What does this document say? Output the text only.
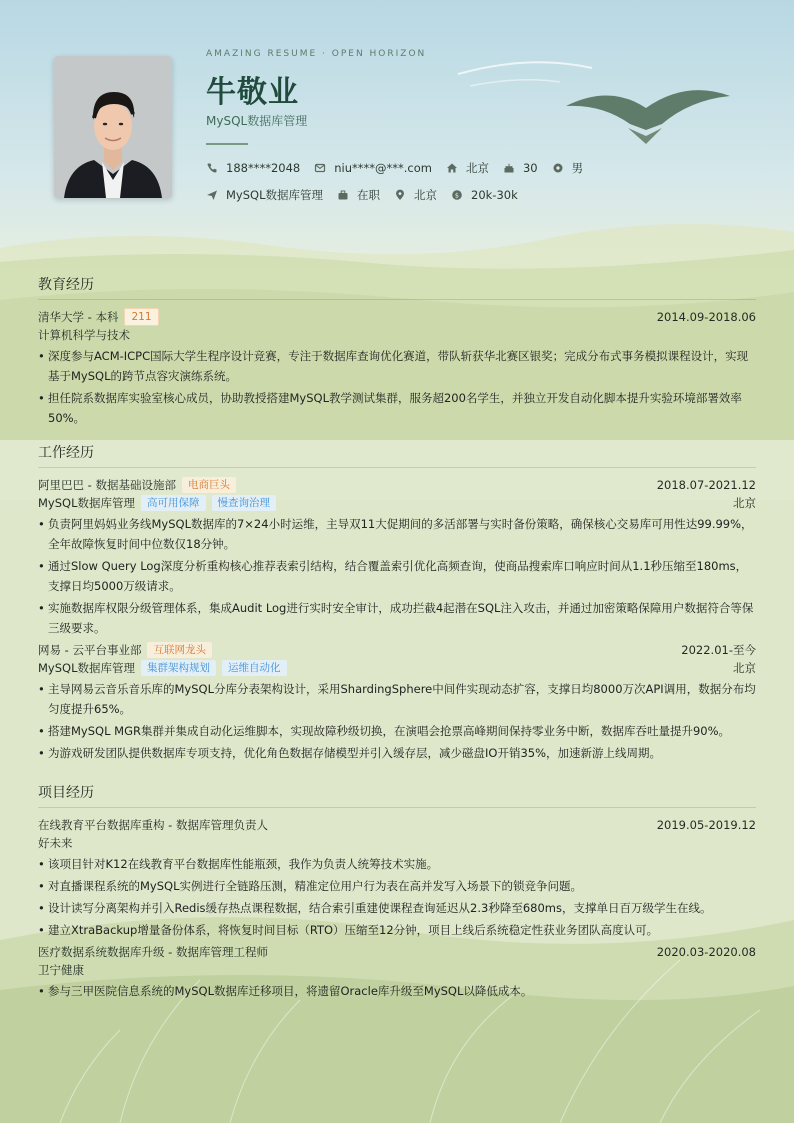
AMAZING RESUME · OPEN HORIZON
牛敬业
MySQL数据库管理
188****2048	niu****@***.com	北京	30	男
MySQL数据库管理	在职	北京	$ 20k-30k
教育经历
清华大学 - 本科	211	2014.09-2018.06
计算机科学与技术
• 深度参与ACM-ICPC国际大学生程序设计竞赛，专注于数据库查询优化赛道，带队斩获华北赛区银奖；完成分布式事务模拟课程设计，实现基于MySQL的跨节点容灾演练系统。
• 担任院系数据库实验室核心成员，协助教授搭建MySQL教学测试集群，服务超200名学生，并独立开发自动化脚本提升实验环境部署效率50%。
工作经历
阿里巴巴 - 数据基础设施部	电商巨头	2018.07-2021.12
MySQL数据库管理	高可用保障	慢查询治理	北京
• 负责阿里妈妈业务线MySQL数据库的7×24小时运维，主导双11大促期间的多活部署与实时备份策略，确保核心交易库可用性达99.99%，全年故障恢复时间中位数仅18分钟。
• 通过Slow Query Log深度分析重构核心推荐表索引结构，结合覆盖索引优化高频查询，使商品搜索库口响应时间从1.1秒压缩至180ms，支撑日均5000万级请求。
• 实施数据库权限分级管理体系，集成Audit Log进行实时安全审计，成功拦截4起潜在SQL注入攻击，并通过加密策略保障用户数据符合等保三级要求。
网易 - 云平台事业部	互联网龙头	2022.01-至今
MySQL数据库管理	集群架构规划	运维自动化	北京
• 主导网易云音乐音乐库的MySQL分库分表架构设计，采用ShardingSphere中间件实现动态扩容，支撑日均8000万次API调用，数据分布均匀度提升65%。
• 搭建MySQL MGR集群并集成自动化运维脚本，实现故障秒级切换，在演唱会抢票高峰期间保持零业务中断，数据库吞吐量提升90%。
• 为游戏研发团队提供数据库专项支持，优化角色数据存储模型并引入缓存层，减少磁盘IO开销35%，加速新游上线周期。
项目经历
在线教育平台数据库重构 - 数据库管理负责人	2019.05-2019.12
好未来
• 该项目针对K12在线教育平台数据库性能瓶颈，我作为负责人统筹技术实施。
• 对直播课程系统的MySQL实例进行全链路压测，精准定位用户行为表在高并发写入场景下的锁竞争问题。
• 设计读写分离架构并引入Redis缓存热点课程数据，结合索引重建使课程查询延迟从2.3秒降至680ms，支撑单日百万级学生在线。
• 建立XtraBackup增量备份体系，将恢复时间目标（RTO）压缩至12分钟，项目上线后系统稳定性获业务团队高度认可。
医疗数据系统数据库升级 - 数据库管理工程师	2020.03-2020.08
卫宁健康
• 参与三甲医院信息系统的MySQL数据库迁移项目，将遗留Oracle库升级至MySQL以降低成本。
